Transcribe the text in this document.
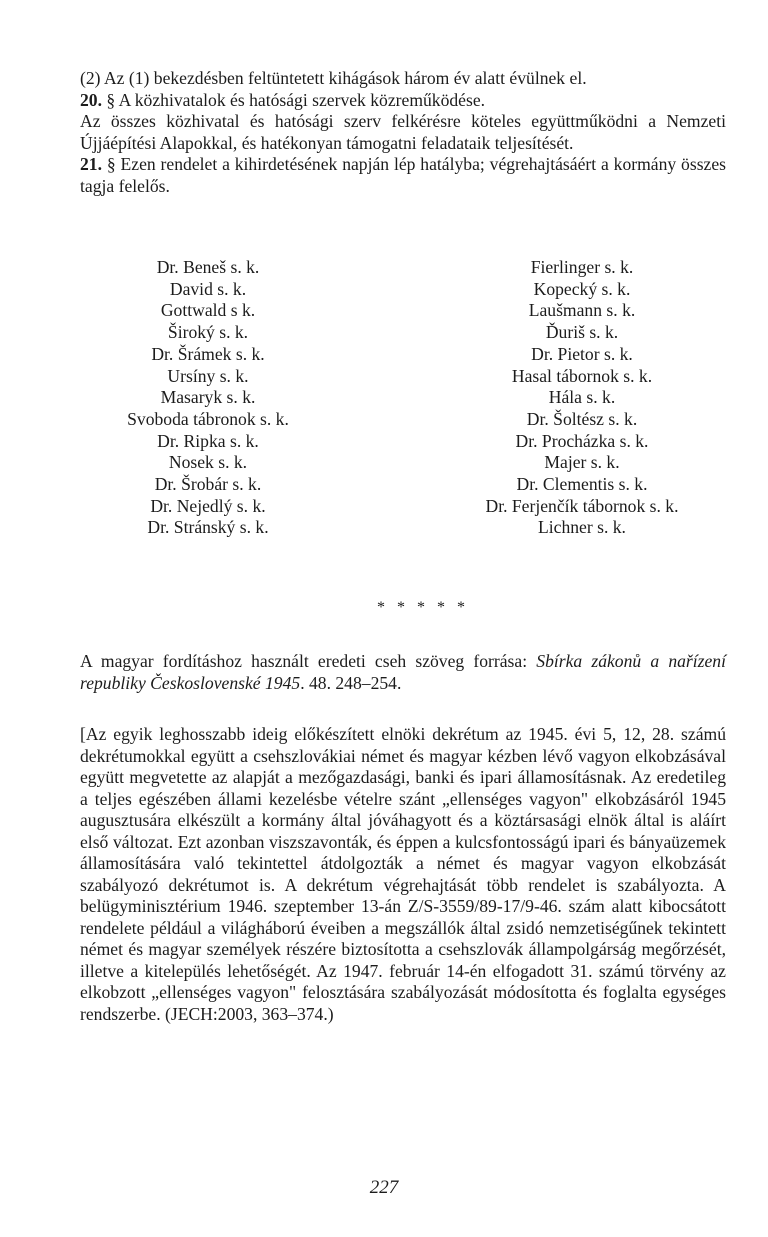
(2) Az (1) bekezdésben feltüntetett kihágások három év alatt évülnek el.

20. § A közhivatalok és hatósági szervek közreműködése.

Az összes közhivatal és hatósági szerv felkérésre köteles együttműködni a Nemzeti Újjáépítési Alapokkal, és hatékonyan támogatni feladataik teljesítését.

21. § Ezen rendelet a kihirdetésének napján lép hatályba; végrehajtásáért a kormány összes tagja felelős.

Dr. Beneš s. k.
David s. k.
Gottwald s k.
Široký s. k.
Dr. Šrámek s. k.
Ursíny s. k.
Masaryk s. k.
Svoboda tábronok s. k.
Dr. Ripka s. k.
Nosek s. k.
Dr. Šrobár s. k.
Dr. Nejedlý s. k.
Dr. Stránský s. k.
Fierlinger s. k.
Kopecký s. k.
Laušmann s. k.
Ďuriš s. k.
Dr. Pietor s. k.
Hasal tábornok s. k.
Hála s. k.
Dr. Šoltész s. k.
Dr. Procházka s. k.
Majer s. k.
Dr. Clementis s. k.
Dr. Ferjenčík tábornok s. k.
Lichner s. k.
* * * * *

A magyar fordításhoz használt eredeti cseh szöveg forrása: Sbírka zákonů a nařízení republiky Československé 1945. 48. 248–254.

[Az egyik leghosszabb ideig előkészített elnöki dekrétum az 1945. évi 5, 12, 28. számú dekrétumokkal együtt a csehszlovákiai német és magyar kézben lévő vagyon elkobzásával együtt megvetette az alapját a mezőgazdasági, banki és ipari államosításnak. Az eredetileg a teljes egészében állami kezelésbe vételre szánt „ellenséges vagyon" elkobzásáról 1945 augusztusára elkészült a kormány által jóváhagyott és a köztársasági elnök által is aláírt első változat. Ezt azonban viszszavonták, és éppen a kulcsfontosságú ipari és bányaüzemek államosítására való tekintettel átdolgozták a német és magyar vagyon elkobzását szabályozó dekrétumot is. A dekrétum végrehajtását több rendelet is szabályozta. A belügyminisztérium 1946. szeptember 13-án Z/S-3559/89-17/9-46. szám alatt kibocsátott rendelete például a világháború éveiben a megszállók által zsidó nemzetiségűnek tekintett német és magyar személyek részére biztosította a csehszlovák állampolgárság megőrzését, illetve a kitelepülés lehetőségét. Az 1947. február 14-én elfogadott 31. számú törvény az elkobzott „ellenséges vagyon" felosztására szabályozását módosította és foglalta egységes rendszerbe. (JECH:2003, 363–374.)

227
